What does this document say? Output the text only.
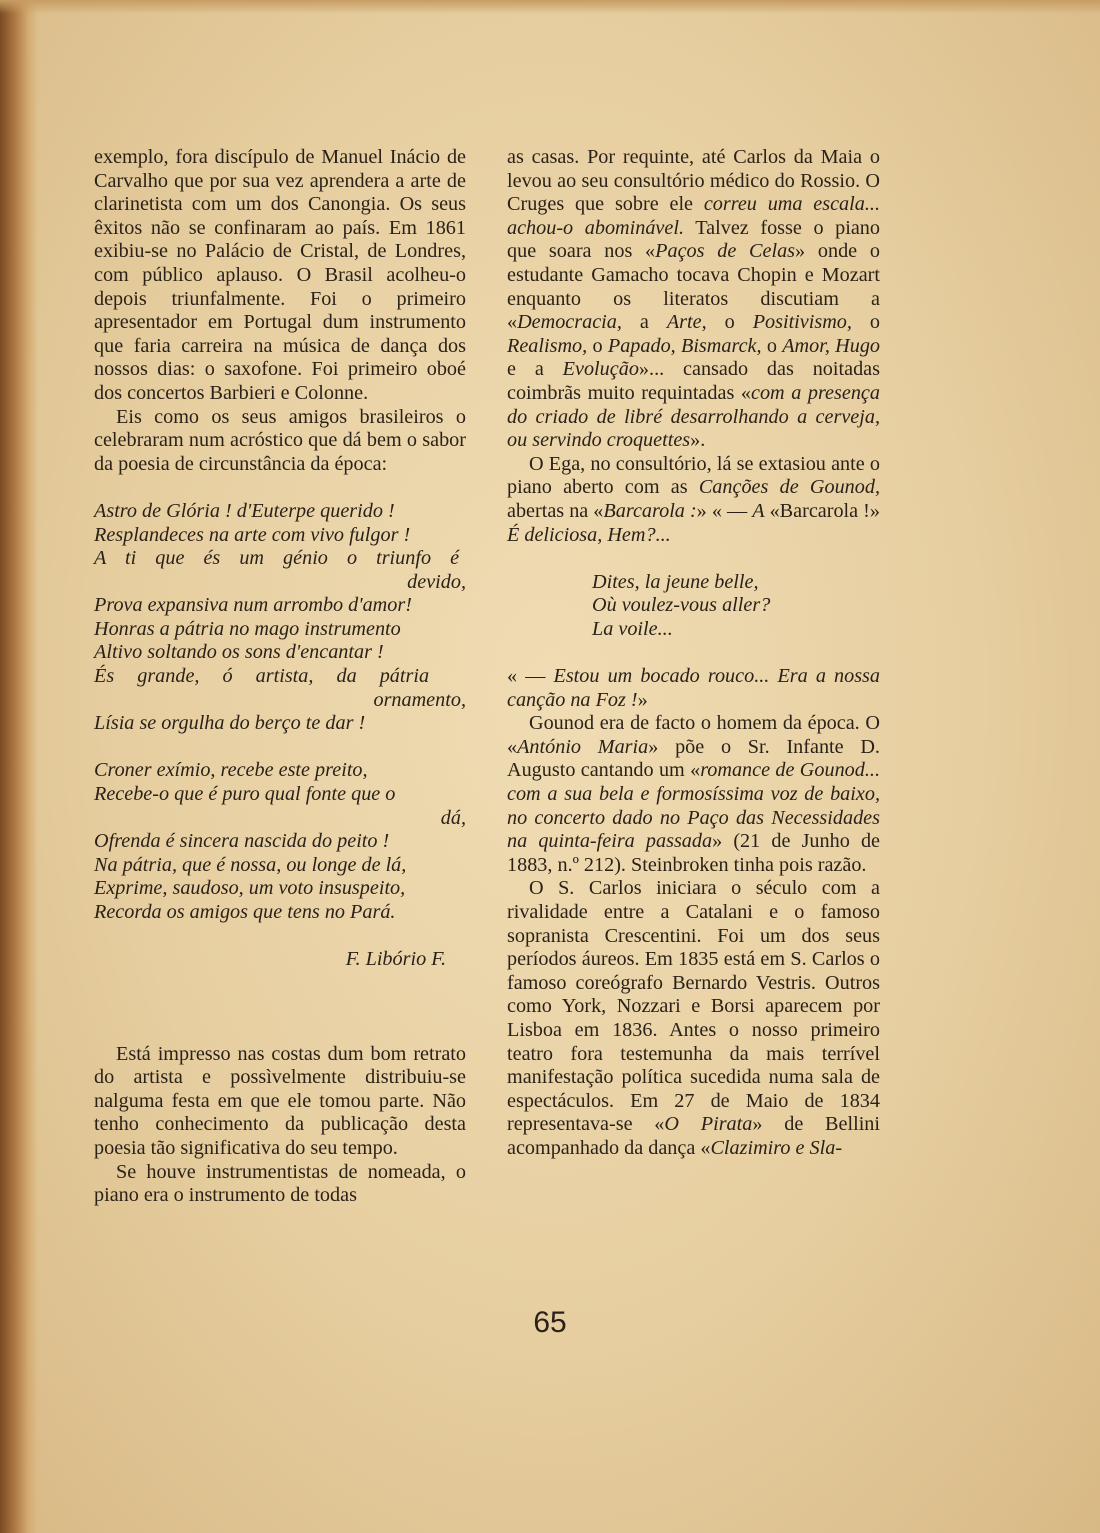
exemplo, fora discípulo de Manuel Inácio de Carvalho que por sua vez aprendera a arte de clarinetista com um dos Canongia. Os seus êxitos não se confinaram ao país. Em 1861 exibiu-se no Palácio de Cristal, de Londres, com público aplauso. O Brasil acolheu-o depois triunfalmente. Foi o primeiro apresentador em Portugal dum instrumento que faria carreira na música de dança dos nossos dias: o saxofone. Foi primeiro oboé dos concertos Barbieri e Colonne.

Eis como os seus amigos brasileiros o celebraram num acróstico que dá bem o sabor da poesia de circunstância da época:

Astro de Glória ! d'Euterpe querido !
Resplandeces na arte com vivo fulgor !
A ti que és um génio o triunfo é
devido,
Prova expansiva num arrombo d'amor!
Honras a pátria no mago instrumento
Altivo soltando os sons d'encantar !
És grande, ó artista, da pátria
ornamento,
Lísia se orgulha do berço te dar !
Croner exímio, recebe este preito,
Recebe-o que é puro qual fonte que o
dá,
Ofrenda é sincera nascida do peito !
Na pátria, que é nossa, ou longe de lá,
Exprime, saudoso, um voto insuspeito,
Recorda os amigos que tens no Pará.

F. Libório F.

Está impresso nas costas dum bom retrato do artista e possìvelmente distribuiu-se nalguma festa em que ele tomou parte. Não tenho conhecimento da publicação desta poesia tão significativa do seu tempo.

Se houve instrumentistas de nomeada, o piano era o instrumento de todas

as casas. Por requinte, até Carlos da Maia o levou ao seu consultório médico do Rossio. O Cruges que sobre ele correu uma escala... achou-o abominável. Talvez fosse o piano que soara nos «Paços de Celas» onde o estudante Gamacho tocava Chopin e Mozart enquanto os literatos discutiam a «Democracia, a Arte, o Positivismo, o Realismo, o Papado, Bismarck, o Amor, Hugo e a Evolução»... cansado das noitadas coimbrãs muito requintadas «com a presença do criado de libré desarrolhando a cerveja, ou servindo croquettes».

O Ega, no consultório, lá se extasiou ante o piano aberto com as Canções de Gounod, abertas na «Barcarola :» « — A «Barcarola !» É deliciosa, Hem?...

Dites, la jeune belle,
Où voulez-vous aller?
La voile...

« — Estou um bocado rouco... Era a nossa canção na Foz !»

Gounod era de facto o homem da época. O «António Maria» põe o Sr. Infante D. Augusto cantando um «romance de Gounod... com a sua bela e formosíssima voz de baixo, no concerto dado no Paço das Necessidades na quinta-feira passada» (21 de Junho de 1883, n.º 212). Steinbroken tinha pois razão.

O S. Carlos iniciara o século com a rivalidade entre a Catalani e o famoso sopranista Crescentini. Foi um dos seus períodos áureos. Em 1835 está em S. Carlos o famoso coreógrafo Bernardo Vestris. Outros como York, Nozzari e Borsi aparecem por Lisboa em 1836. Antes o nosso primeiro teatro fora testemunha da mais terrível manifestação política sucedida numa sala de espectáculos. Em 27 de Maio de 1834 representava-se «O Pirata» de Bellini acompanhado da dança «Clazimiro e Sla-

65
